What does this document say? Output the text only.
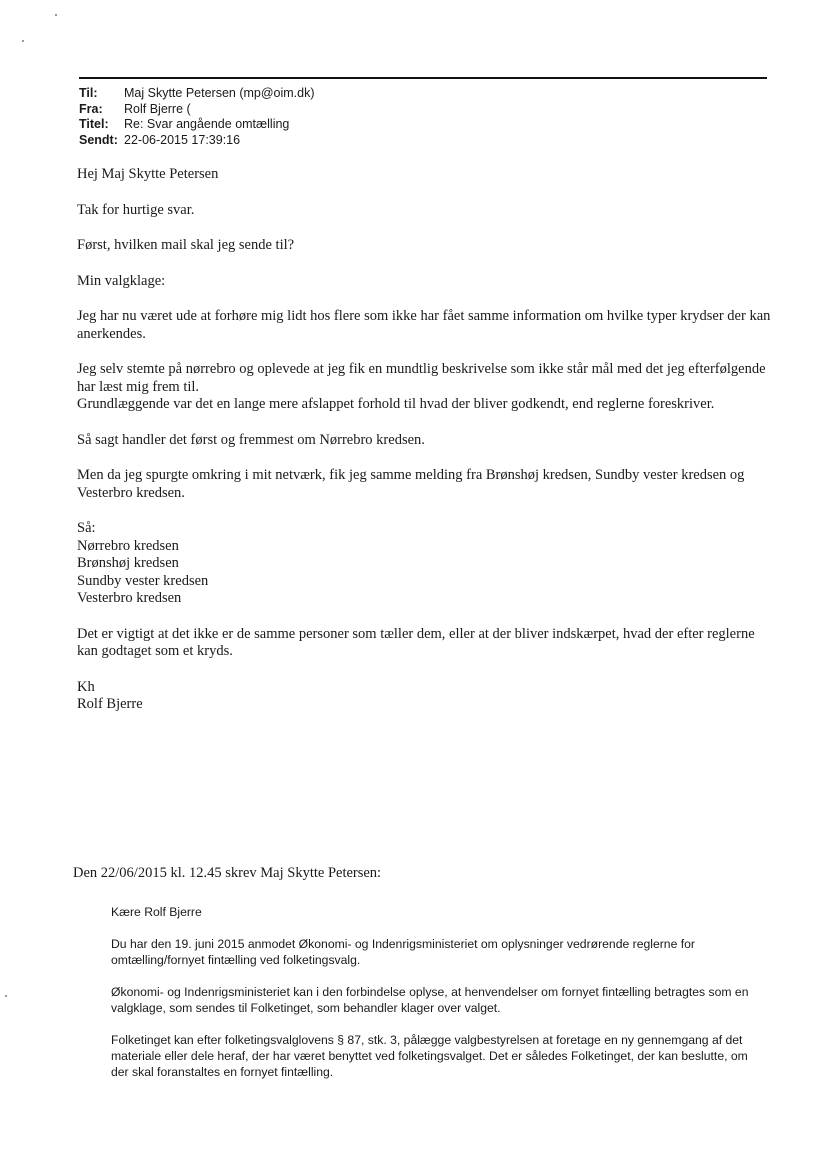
Til: Maj Skytte Petersen (mp@oim.dk)
Fra: Rolf Bjerre (
Titel: Re: Svar angående omtælling
Sendt: 22-06-2015 17:39:16

Hej Maj Skytte Petersen

Tak for hurtige svar.

Først, hvilken mail skal jeg sende til?

Min valgklage:

Jeg har nu været ude at forhøre mig lidt hos flere som ikke har fået samme information om hvilke typer krydser der kan anerkendes.

Jeg selv stemte på nørrebro og oplevede at jeg fik en mundtlig beskrivelse som ikke står mål med det jeg efterfølgende har læst mig frem til.
Grundlæggende var det en lange mere afslappet forhold til hvad der bliver godkendt, end reglerne foreskriver.

Så sagt handler det først og fremmest om Nørrebro kredsen.

Men da jeg spurgte omkring i mit netværk, fik jeg samme melding fra Brønshøj kredsen, Sundby vester kredsen og Vesterbro kredsen.

Så:
Nørrebro kredsen
Brønshøj kredsen
Sundby vester kredsen
Vesterbro kredsen

Det er vigtigt at det ikke er de samme personer som tæller dem, eller at der bliver indskærpet, hvad der efter reglerne kan godtaget som et kryds.

Kh
Rolf Bjerre

Den 22/06/2015 kl. 12.45 skrev Maj Skytte Petersen:

Kære Rolf Bjerre

Du har den 19. juni 2015 anmodet Økonomi- og Indenrigsministeriet om oplysninger vedrørende reglerne for omtælling/fornyet fintælling ved folketingsvalg.

Økonomi- og Indenrigsministeriet kan i den forbindelse oplyse, at henvendelser om fornyet fintælling betragtes som en valgklage, som sendes til Folketinget, som behandler klager over valget.

Folketinget kan efter folketingsvalglovens § 87, stk. 3, pålægge valgbestyrelsen at foretage en ny gennemgang af det materiale eller dele heraf, der har været benyttet ved folketingsvalget. Det er således Folketinget, der kan beslutte, om der skal foranstaltes en fornyet fintælling.
